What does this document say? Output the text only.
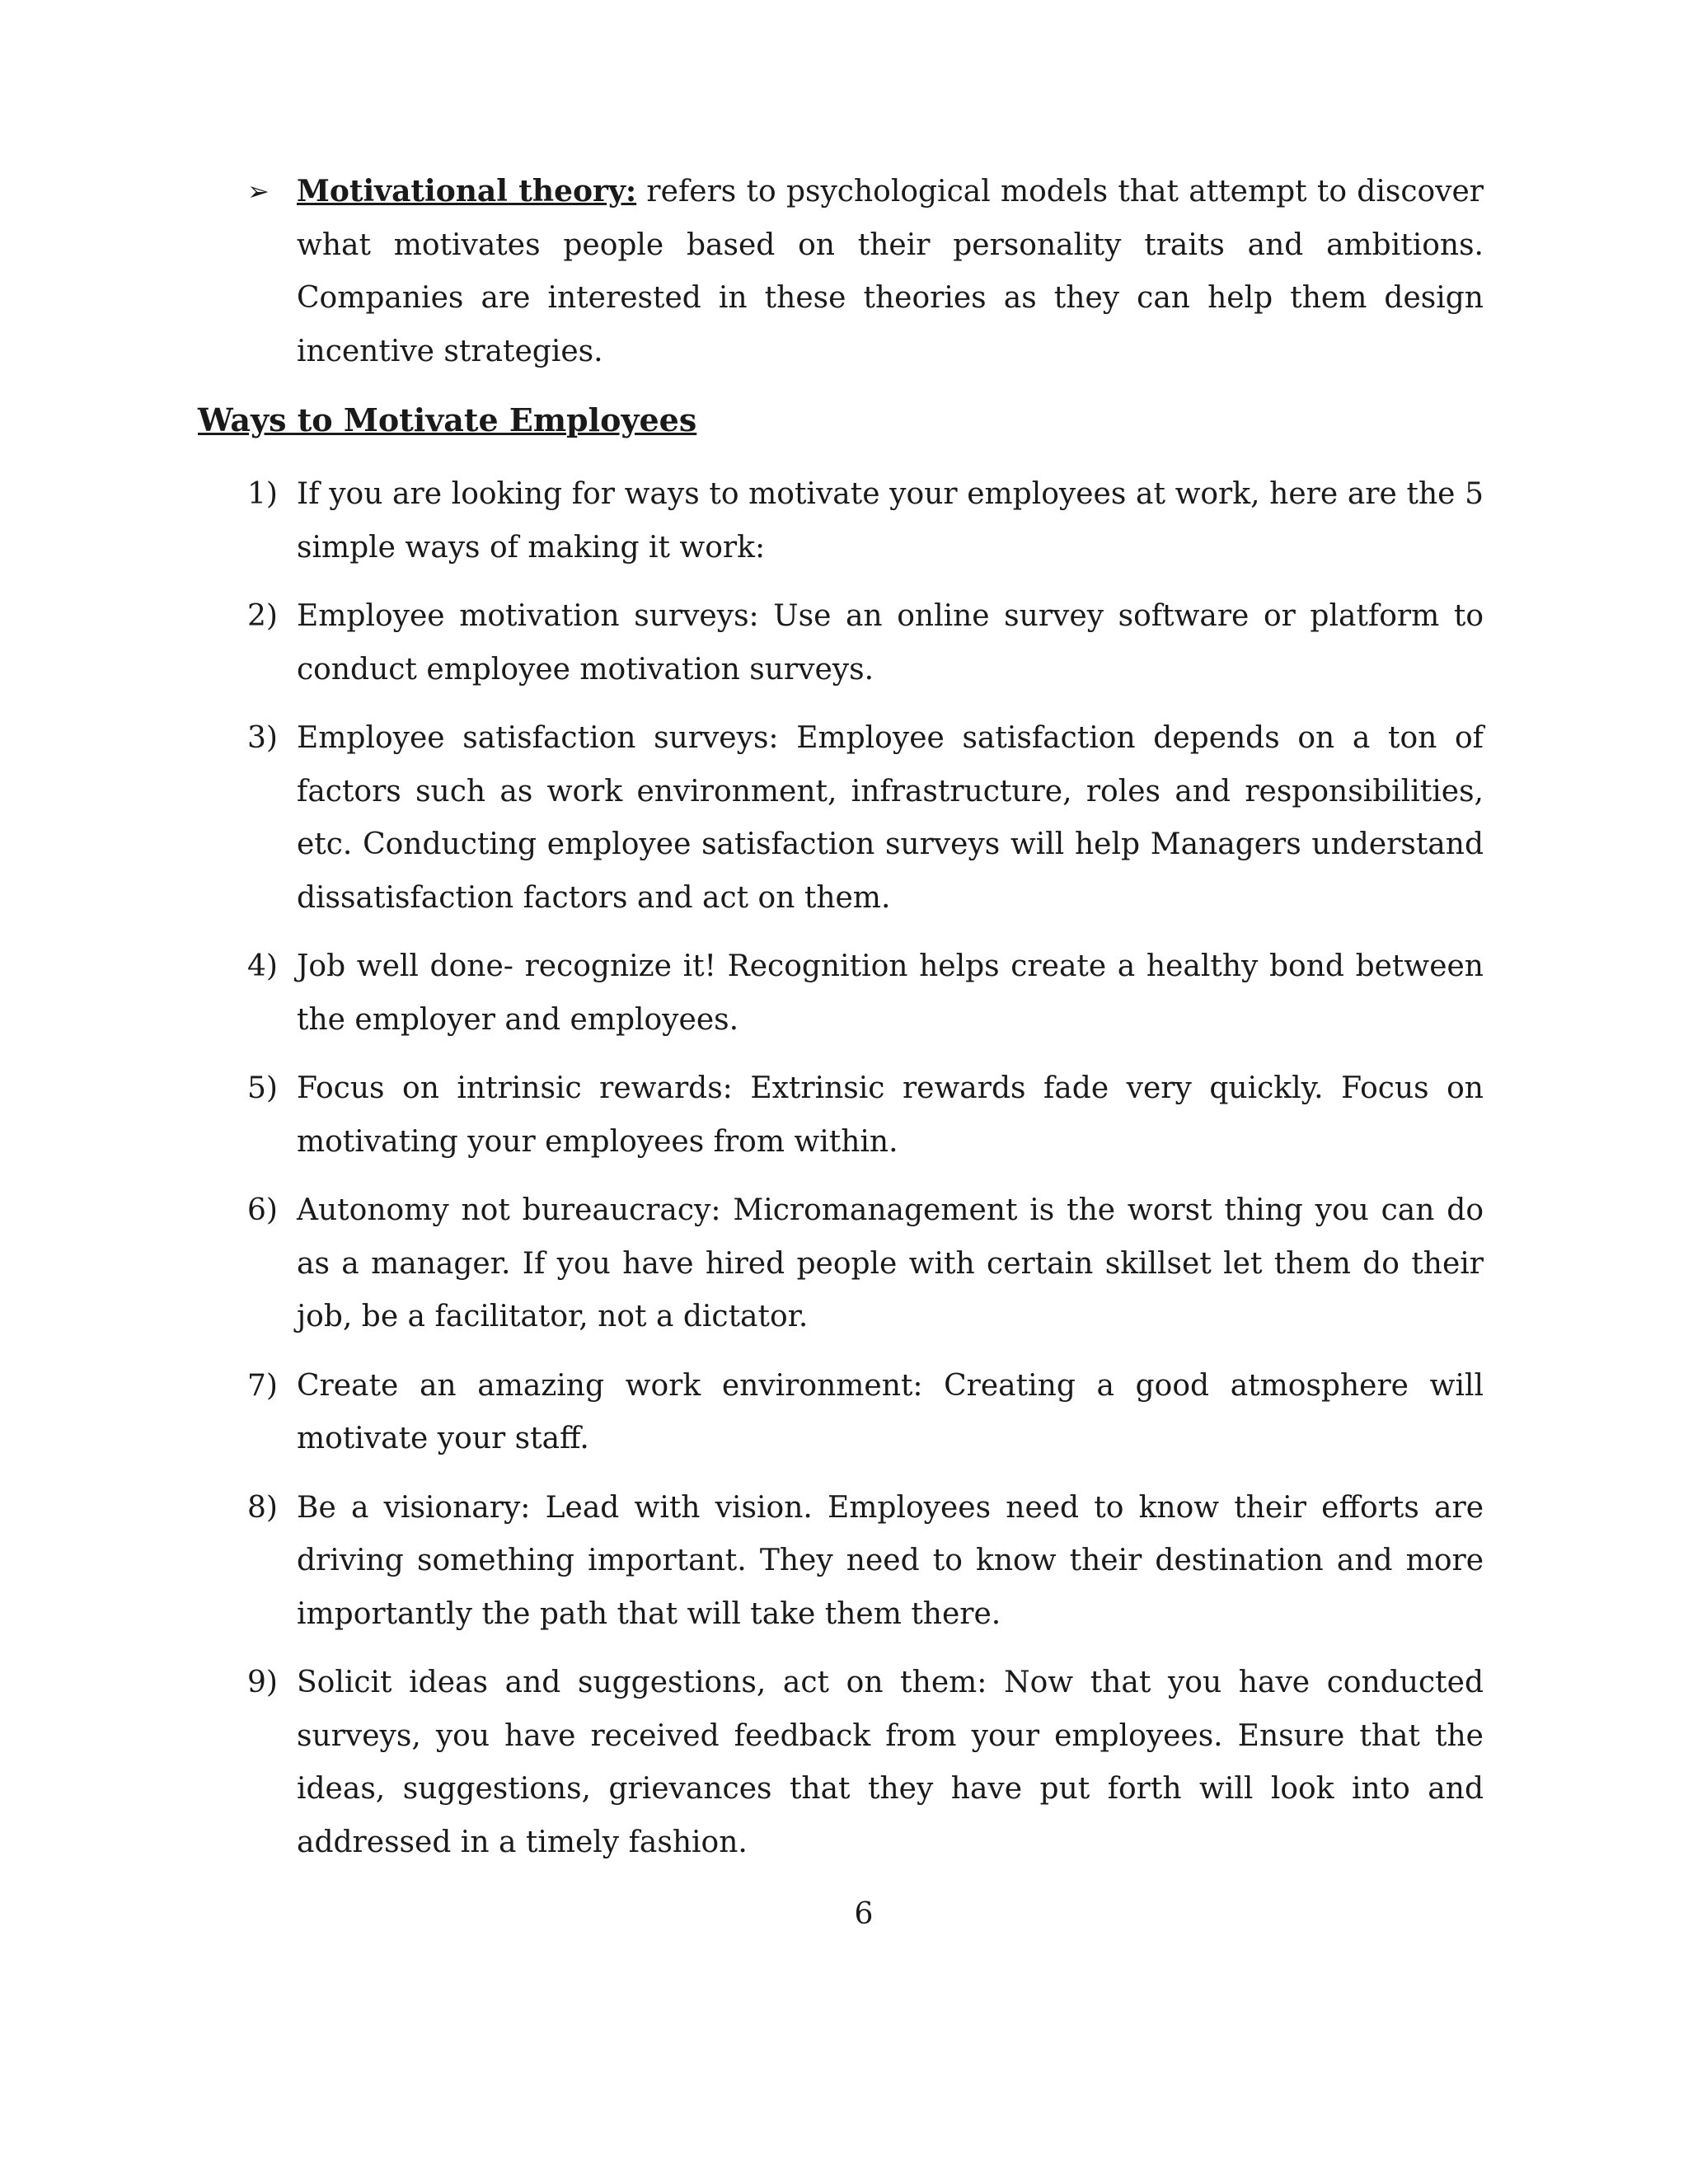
➢ Motivational theory: refers to psychological models that attempt to discover what motivates people based on their personality traits and ambitions. Companies are interested in these theories as they can help them design incentive strategies.
Ways to Motivate Employees
1) If you are looking for ways to motivate your employees at work, here are the 5 simple ways of making it work:
2) Employee motivation surveys: Use an online survey software or platform to conduct employee motivation surveys.
3) Employee satisfaction surveys: Employee satisfaction depends on a ton of factors such as work environment, infrastructure, roles and responsibilities, etc. Conducting employee satisfaction surveys will help Managers understand dissatisfaction factors and act on them.
4) Job well done- recognize it! Recognition helps create a healthy bond between the employer and employees.
5) Focus on intrinsic rewards: Extrinsic rewards fade very quickly. Focus on motivating your employees from within.
6) Autonomy not bureaucracy: Micromanagement is the worst thing you can do as a manager. If you have hired people with certain skillset let them do their job, be a facilitator, not a dictator.
7) Create an amazing work environment: Creating a good atmosphere will motivate your staff.
8) Be a visionary: Lead with vision. Employees need to know their efforts are driving something important. They need to know their destination and more importantly the path that will take them there.
9) Solicit ideas and suggestions, act on them: Now that you have conducted surveys, you have received feedback from your employees. Ensure that the ideas, suggestions, grievances that they have put forth will look into and addressed in a timely fashion.
6
